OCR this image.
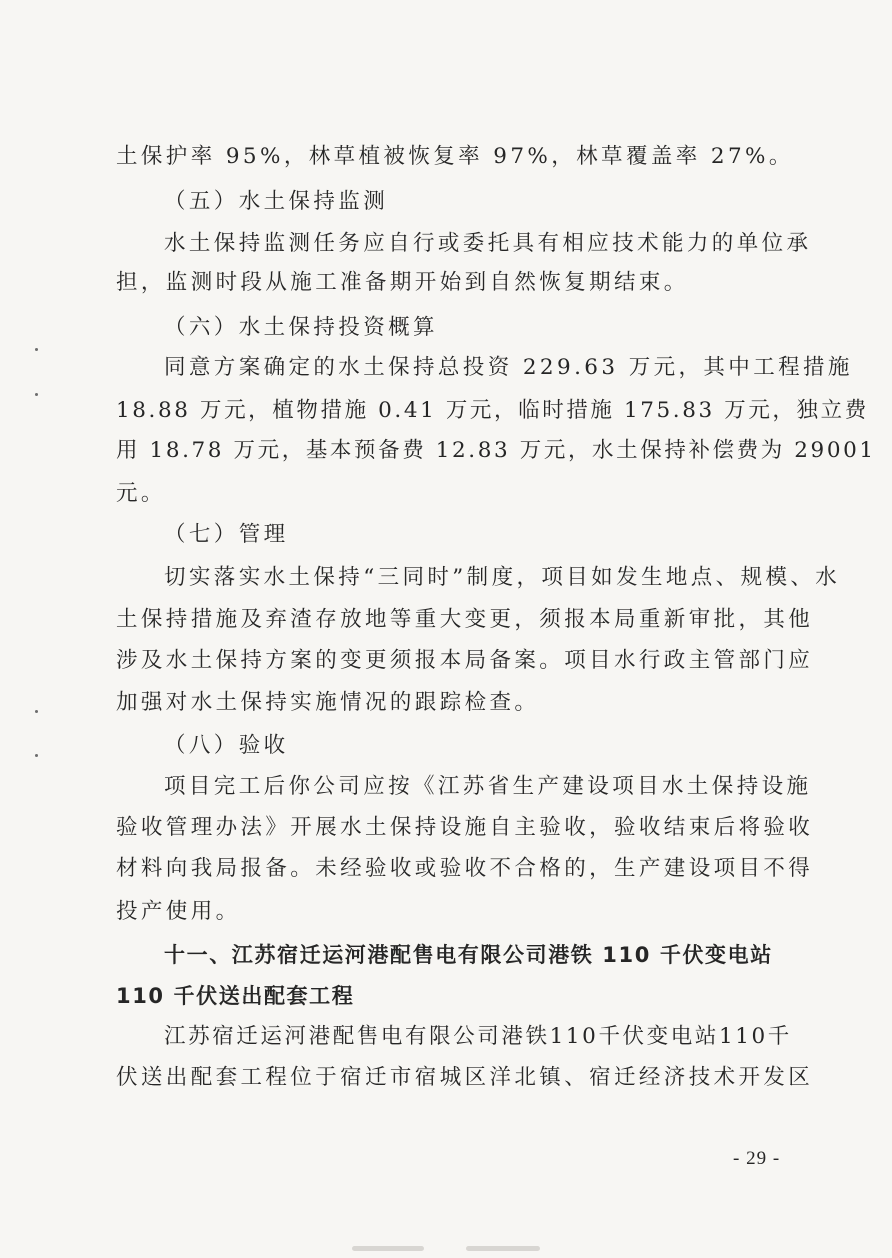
土保护率 95%，林草植被恢复率 97%，林草覆盖率 27%。
（五）水土保持监测
水土保持监测任务应自行或委托具有相应技术能力的单位承
担，监测时段从施工准备期开始到自然恢复期结束。
（六）水土保持投资概算
同意方案确定的水土保持总投资 229.63 万元，其中工程措施
18.88 万元，植物措施 0.41 万元，临时措施 175.83 万元，独立费
用 18.78 万元，基本预备费 12.83 万元，水土保持补偿费为 29001
元。
（七）管理
切实落实水土保持“三同时”制度，项目如发生地点、规模、水
土保持措施及弃渣存放地等重大变更，须报本局重新审批，其他
涉及水土保持方案的变更须报本局备案。项目水行政主管部门应
加强对水土保持实施情况的跟踪检查。
（八）验收
项目完工后你公司应按《江苏省生产建设项目水土保持设施
验收管理办法》开展水土保持设施自主验收，验收结束后将验收
材料向我局报备。未经验收或验收不合格的，生产建设项目不得
投产使用。
十一、江苏宿迁运河港配售电有限公司港铁 110 千伏变电站
110 千伏送出配套工程
江苏宿迁运河港配售电有限公司港铁110千伏变电站110千
伏送出配套工程位于宿迁市宿城区洋北镇、宿迁经济技术开发区
- 29 -
